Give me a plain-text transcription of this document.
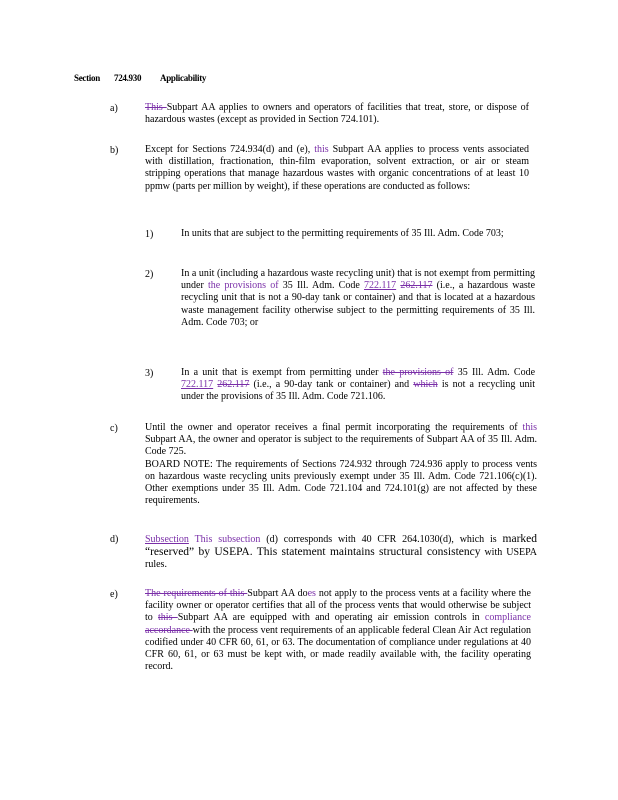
Section 724.930 Applicability
a)	This Subpart AA applies to owners and operators of facilities that treat, store, or dispose of hazardous wastes (except as provided in Section 724.101).
b)	Except for Sections 724.934(d) and (e), this Subpart AA applies to process vents associated with distillation, fractionation, thin-film evaporation, solvent extraction, or air or steam stripping operations that manage hazardous wastes with organic concentrations of at least 10 ppmw (parts per million by weight), if these operations are conducted as follows:
1)	In units that are subject to the permitting requirements of 35 Ill. Adm. Code 703;
2)	In a unit (including a hazardous waste recycling unit) that is not exempt from permitting under the provisions of 35 Ill. Adm. Code 722.117 262.117 (i.e., a hazardous waste recycling unit that is not a 90-day tank or container) and that is located at a hazardous waste management facility otherwise subject to the permitting requirements of 35 Ill. Adm. Code 703; or
3)	In a unit that is exempt from permitting under the provisions of 35 Ill. Adm. Code 722.117 262.117 (i.e., a 90-day tank or container) and which is not a recycling unit under the provisions of 35 Ill. Adm. Code 721.106.
c)	Until the owner and operator receives a final permit incorporating the requirements of this Subpart AA, the owner and operator is subject to the requirements of Subpart AA of 35 Ill. Adm. Code 725.
BOARD NOTE: The requirements of Sections 724.932 through 724.936 apply to process vents on hazardous waste recycling units previously exempt under 35 Ill. Adm. Code 721.106(c)(1). Other exemptions under 35 Ill. Adm. Code 721.104 and 724.101(g) are not affected by these requirements.
d)	Subsection This subsection (d) corresponds with 40 CFR 264.1030(d), which is marked “reserved” by USEPA. This statement maintains structural consistency with USEPA rules.
e)	The requirements of this Subpart AA does not apply to the process vents at a facility where the facility owner or operator certifies that all of the process vents that would otherwise be subject to this Subpart AA are equipped with and operating air emission controls in compliance accordance with the process vent requirements of an applicable federal Clean Air Act regulation codified under 40 CFR 60, 61, or 63. The documentation of compliance under regulations at 40 CFR 60, 61, or 63 must be kept with, or made readily available with, the facility operating record.
